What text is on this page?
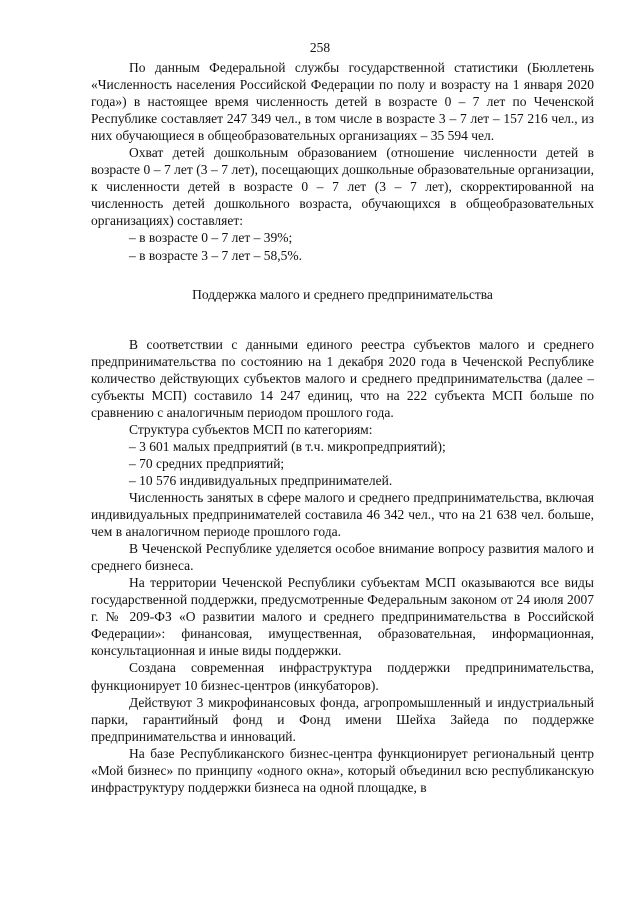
258

По данным Федеральной службы государственной статистики (Бюллетень «Численность населения Российской Федерации по полу и возрасту на 1 января 2020 года») в настоящее время численность детей в возрасте 0 – 7 лет по Чеченской Республике составляет 247 349 чел., в том числе в возрасте 3 – 7 лет – 157 216 чел., из них обучающиеся в общеобразовательных организациях – 35 594 чел.

Охват детей дошкольным образованием (отношение численности детей в возрасте 0 – 7 лет (3 – 7 лет), посещающих дошкольные образовательные организации, к численности детей в возрасте 0 – 7 лет (3 – 7 лет), скорректированной на численность детей дошкольного возраста, обучающихся в общеобразовательных организациях) составляет:

– в возрасте 0 – 7 лет – 39%;

– в возрасте 3 – 7 лет – 58,5%.

Поддержка малого и среднего предпринимательства

В соответствии с данными единого реестра субъектов малого и среднего предпринимательства по состоянию на 1 декабря 2020 года в Чеченской Республике количество действующих субъектов малого и среднего предпринимательства (далее – субъекты МСП) составило 14 247 единиц, что на 222 субъекта МСП больше по сравнению с аналогичным периодом прошлого года.

Структура субъектов МСП по категориям:

– 3 601 малых предприятий (в т.ч. микропредприятий);

– 70 средних предприятий;

– 10 576 индивидуальных предпринимателей.

Численность занятых в сфере малого и среднего предпринимательства, включая индивидуальных предпринимателей составила 46 342 чел., что на 21 638 чел. больше, чем в аналогичном периоде прошлого года.

В Чеченской Республике уделяется особое внимание вопросу развития малого и среднего бизнеса.

На территории Чеченской Республики субъектам МСП оказываются все виды государственной поддержки, предусмотренные Федеральным законом от 24 июля 2007 г. № 209-ФЗ «О развитии малого и среднего предпринимательства в Российской Федерации»: финансовая, имущественная, образовательная, информационная, консультационная и иные виды поддержки.

Создана современная инфраструктура поддержки предпринимательства, функционирует 10 бизнес-центров (инкубаторов).

Действуют 3 микрофинансовых фонда, агропромышленный и индустриальный парки, гарантийный фонд и Фонд имени Шейха Зайеда по поддержке предпринимательства и инноваций.

На базе Республиканского бизнес-центра функционирует региональный центр «Мой бизнес» по принципу «одного окна», который объединил всю республиканскую инфраструктуру поддержки бизнеса на одной площадке, в
